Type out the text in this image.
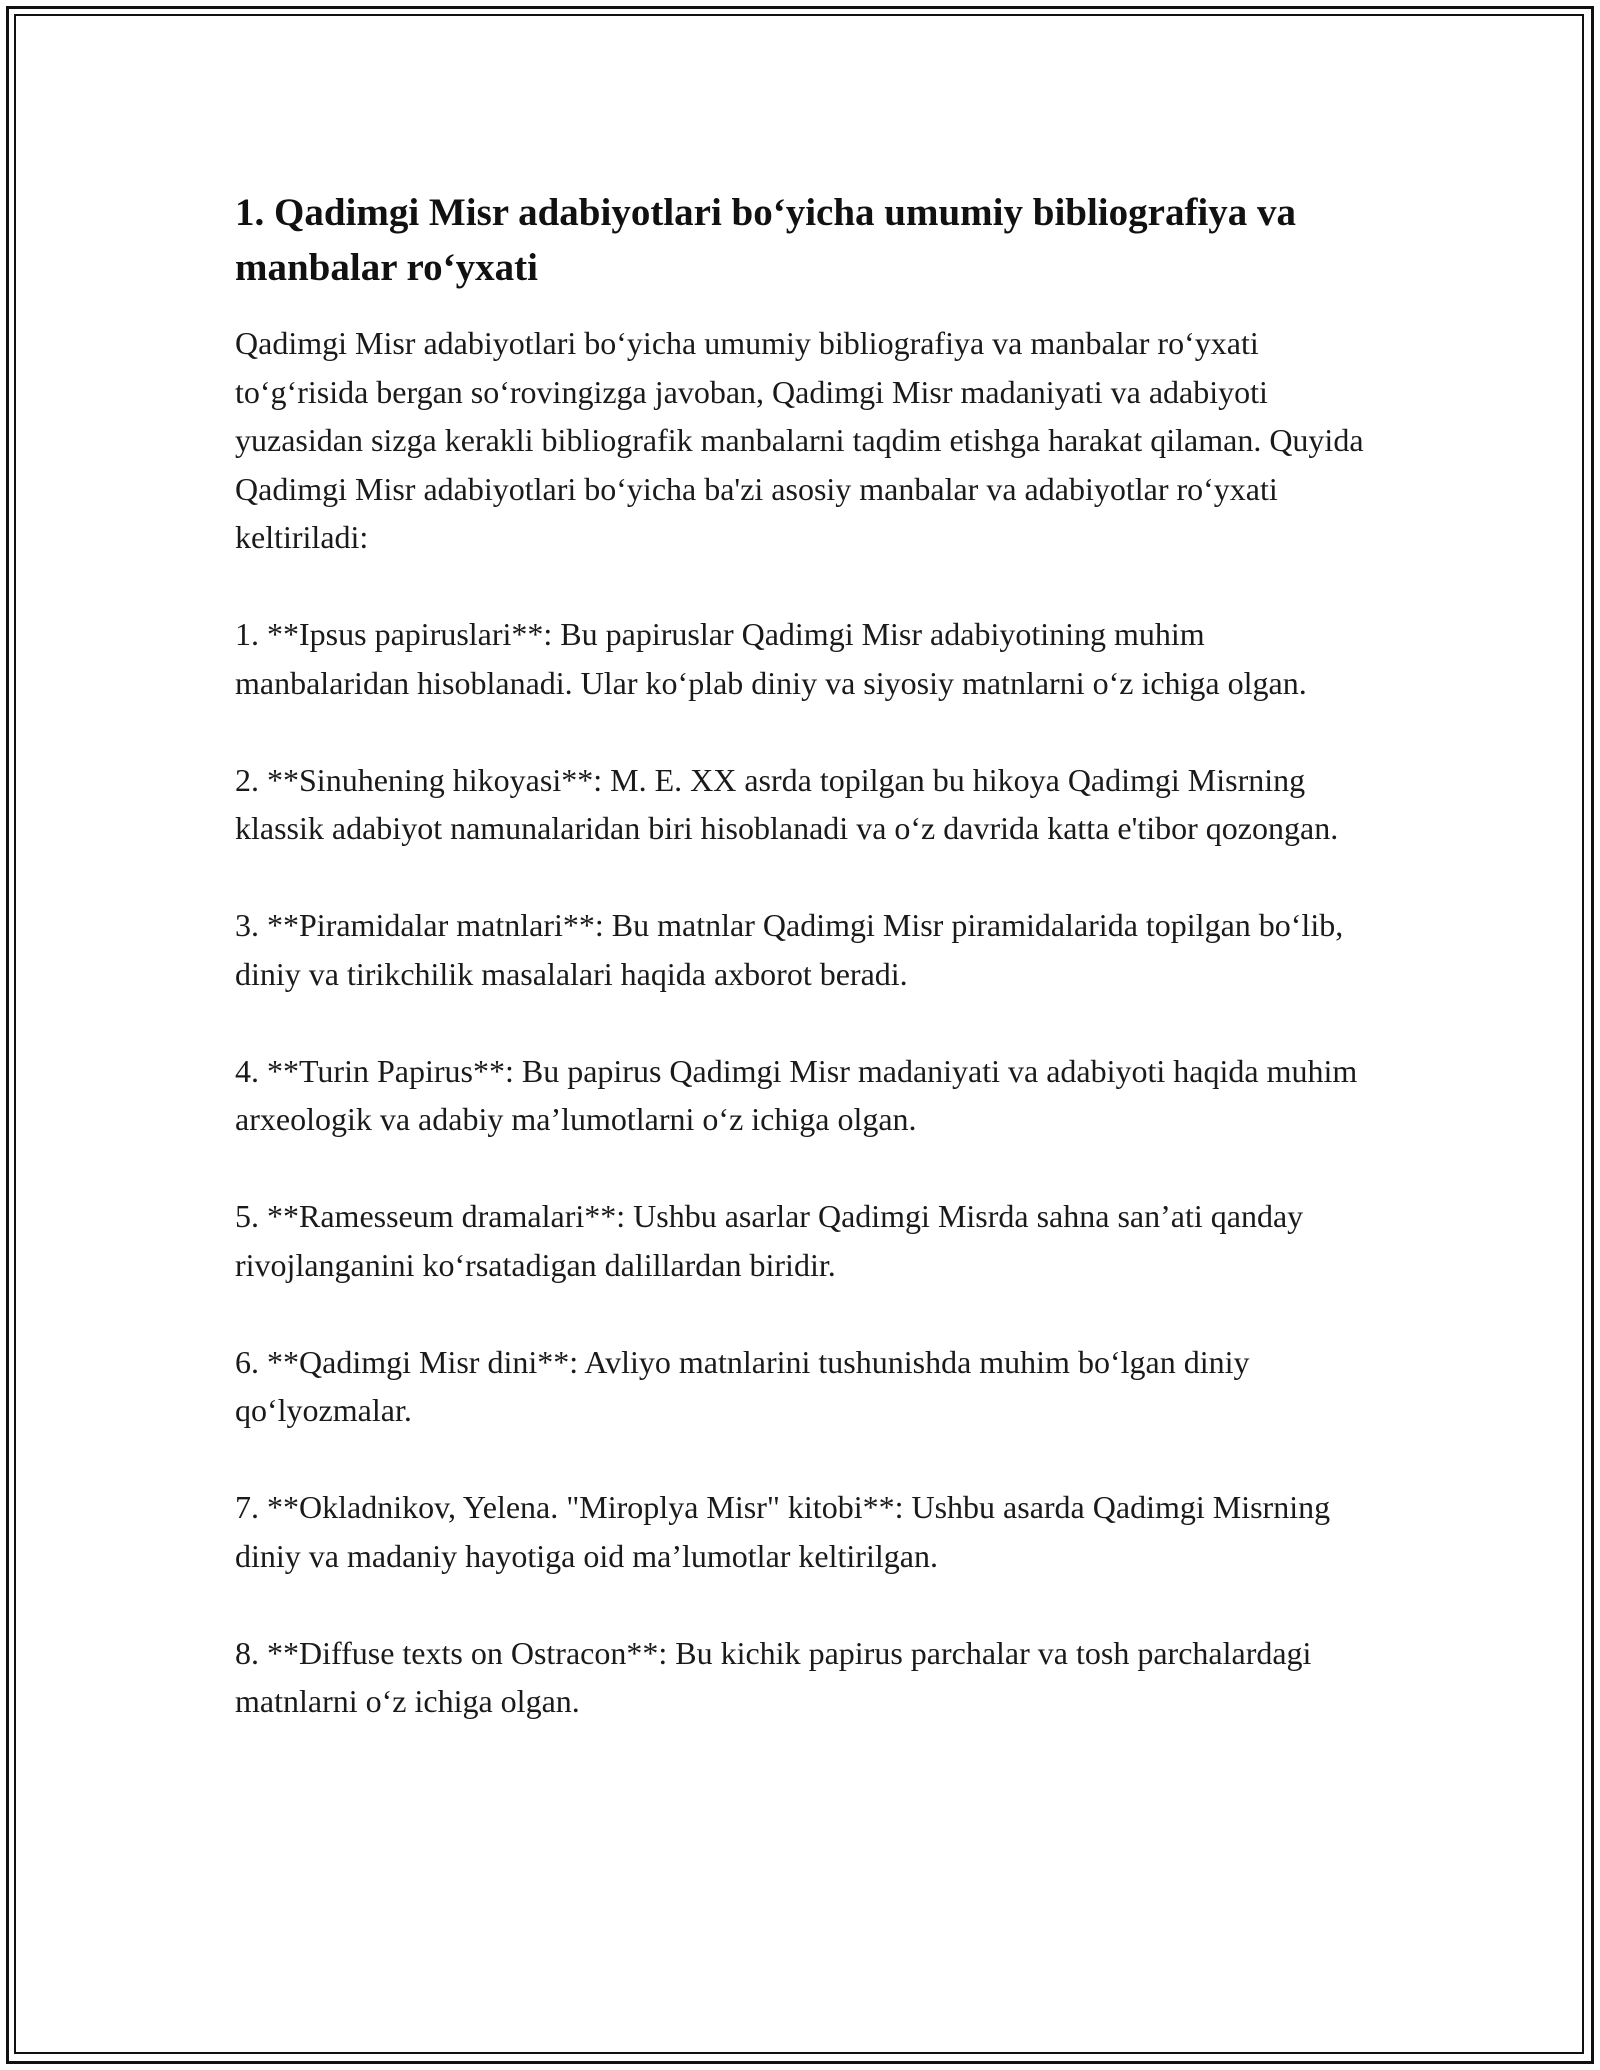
1. Qadimgi Misr adabiyotlari bo‘yicha umumiy bibliografiya va manbalar ro‘yxati

Qadimgi Misr adabiyotlari bo‘yicha umumiy bibliografiya va manbalar ro‘yxati to‘g‘risida bergan so‘rovingizga javoban, Qadimgi Misr madaniyati va adabiyoti yuzasidan sizga kerakli bibliografik manbalarni taqdim etishga harakat qilaman. Quyida Qadimgi Misr adabiyotlari bo‘yicha ba'zi asosiy manbalar va adabiyotlar ro‘yxati keltiriladi:

1. **Ipsus papiruslari**: Bu papiruslar Qadimgi Misr adabiyotining muhim manbalaridan hisoblanadi. Ular ko‘plab diniy va siyosiy matnlarni o‘z ichiga olgan.

2. **Sinuhening hikoyasi**: M. E. XX asrda topilgan bu hikoya Qadimgi Misrning klassik adabiyot namunalaridan biri hisoblanadi va o‘z davrida katta e'tibor qozongan.

3. **Piramidalar matnlari**: Bu matnlar Qadimgi Misr piramidalarida topilgan bo‘lib, diniy va tirikchilik masalalari haqida axborot beradi.

4. **Turin Papirus**: Bu papirus Qadimgi Misr madaniyati va adabiyoti haqida muhim arxeologik va adabiy ma’lumotlarni o‘z ichiga olgan.

5. **Ramesseum dramalari**: Ushbu asarlar Qadimgi Misrda sahna san’ati qanday rivojlanganini ko‘rsatadigan dalillardan biridir.

6. **Qadimgi Misr dini**: Avliyo matnlarini tushunishda muhim bo‘lgan diniy qo‘lyozmalar.

7. **Okladnikov, Yelena. "Miroplya Misr" kitobi**: Ushbu asarda Qadimgi Misrning diniy va madaniy hayotiga oid ma’lumotlar keltirilgan.

8. **Diffuse texts on Ostracon**: Bu kichik papirus parchalar va tosh parchalardagi matnlarni o‘z ichiga olgan.
